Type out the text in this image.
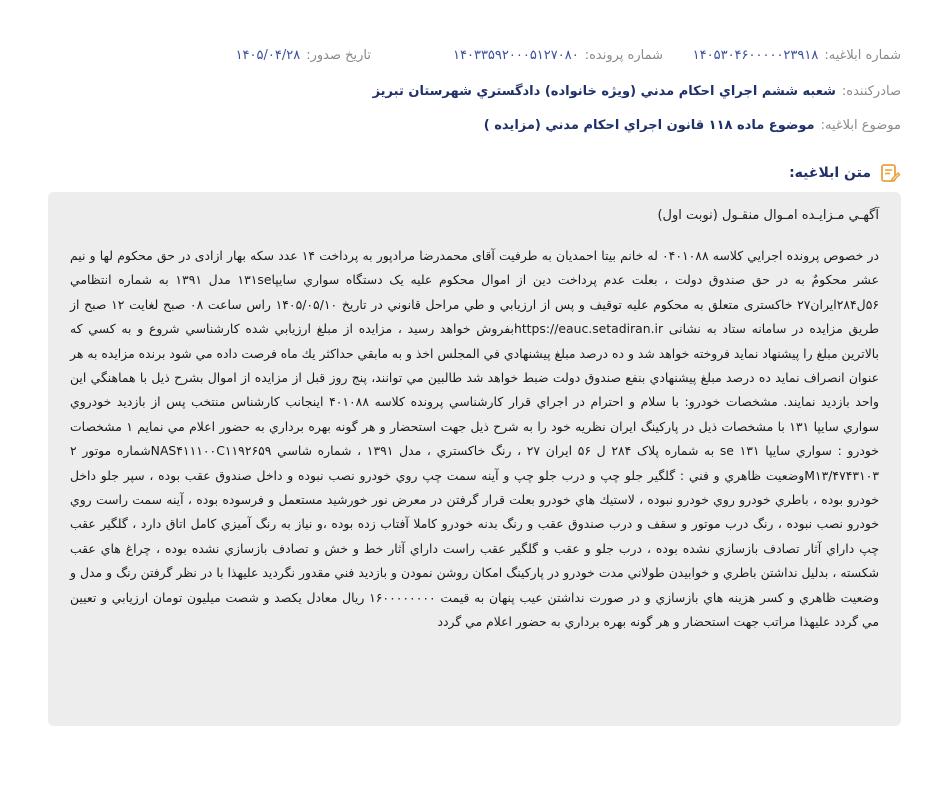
شماره ابلاغیه:
۱۴۰۵۳۰۴۶۰۰۰۰۰۲۳۹۱۸
شماره پرونده:
۱۴۰۳۳۵۹۲۰۰۰۵۱۲۷۰۸۰
تاریخ صدور:
۱۴۰۵/۰۴/۲۸
صادرکننده:
شعبه ششم اجراي احکام مدني (ويژه خانواده) دادگستري شهرستان تبريز
موضوع ابلاغیه:
موضوع ماده ۱۱۸ قانون اجراي احکام مدني (مزايده )
متن ابلاغیه:
آگهـي مـزايـده امـوال منقـول (نوبت اول)
در خصوص پرونده اجرايي کلاسه ۰۴۰۱۰۸۸ له خانم بيتا احمديان به طرفيت آقاى محمدرضا مرادپور به پرداخت ۱۴ عدد سکه بهار ازادى در حق محکوم لها و نيم عشر محکومٌ به در حق صندوق دولت ، بعلت عدم پرداخت دين از اموال محکوم عليه يک دستگاه سواري سايپا۱۳۱se مدل ۱۳۹۱ به شماره انتظامي ۵۶ل۲۸۴ايران۲۷ خاکسترى متعلق به محکوم عليه توقيف و پس از ارزيابي و طي مراحل قانوني در تاريخ ۱۴۰۵/۰۵/۱۰ راس ساعت ۰۸ صبح لغايت ۱۲ صبح از طريق مزايده در سامانه ستاد به نشانی https://eauc.setadiran.irبفروش خواهد رسيد ، مزايده از مبلغ ارزيابي شده کارشناسي شروع و به کسي که بالاترين مبلغ را پيشنهاد نمايد فروخته خواهد شد و ده درصد مبلغ پيشنهادي في المجلس اخذ و به مابقي حداکثر يك ماه فرصت داده مي شود برنده مزايده به هر عنوان انصراف نمايد ده درصد مبلغ پيشنهادي بنفع صندوق دولت ضبط خواهد شد طالبين مي توانند، پنج روز قبل از مزايده از اموال بشرح ذيل با هماهنگي اين واحد بازديد نمايند. مشخصات خودرو: با سلام و احترام در اجراي قرار کارشناسي پرونده کلاسه ۴۰۱۰۸۸ اينجانب کارشناس منتخب پس از بازديد خودروي سواري سايپا ۱۳۱ با مشخصات ذيل در پارکينگ ايران نظريه خود را به شرح ذيل جهت استحضار و هر گونه بهره برداري به حضور اعلام مي نمايم ۱ مشخصات خودرو : سواري سايپا ۱۳۱ se به شماره پلاک ۲۸۴ ل ۵۶ ايران ۲۷ ، رنگ خاکستري ، مدل ۱۳۹۱ ، شماره شاسي NAS۴۱۱۱۰۰C۱۱۹۲۶۵۹شماره موتور ۲ M۱۳/۴۷۴۳۱۰۳وضعيت ظاهري و فني : گلگير جلو چپ و درب جلو چپ و آينه سمت چپ روي خودرو نصب نبوده و داخل صندوق عقب بوده ، سپر جلو داخل خودرو بوده ، باطري خودرو روي خودرو نبوده ، لاستيك هاي خودرو بعلت قرار گرفتن در معرض نور خورشيد مستعمل و فرسوده بوده ، آينه سمت راست روي خودرو نصب نبوده ، رنگ درب موتور و سقف و درب صندوق عقب و رنگ بدنه خودرو کاملا آفتاب زده بوده ،و نياز به رنگ آميزي کامل اتاق دارد ، گلگير عقب چپ داراي آثار تصادف بازسازي نشده بوده ، درب جلو و عقب و گلگير عقب راست داراي آثار خط و خش و تصادف بازسازي نشده بوده ، چراغ هاي عقب شکسته ، بدليل نداشتن باطري و خوابيدن طولاني مدت خودرو در پارکينگ امکان روشن نمودن و بازديد فني مقدور نگرديد عليهذا با در نظر گرفتن رنگ و مدل و وضعيت ظاهري و کسر هزينه هاي بازسازي و در صورت نداشتن عيب پنهان به قيمت ۱۶۰۰۰۰۰۰۰۰ ريال معادل يکصد و شصت ميليون تومان ارزيابي و تعيين مي گردد عليهذا مراتب جهت استحضار و هر گونه بهره برداري به حضور اعلام مي گردد
